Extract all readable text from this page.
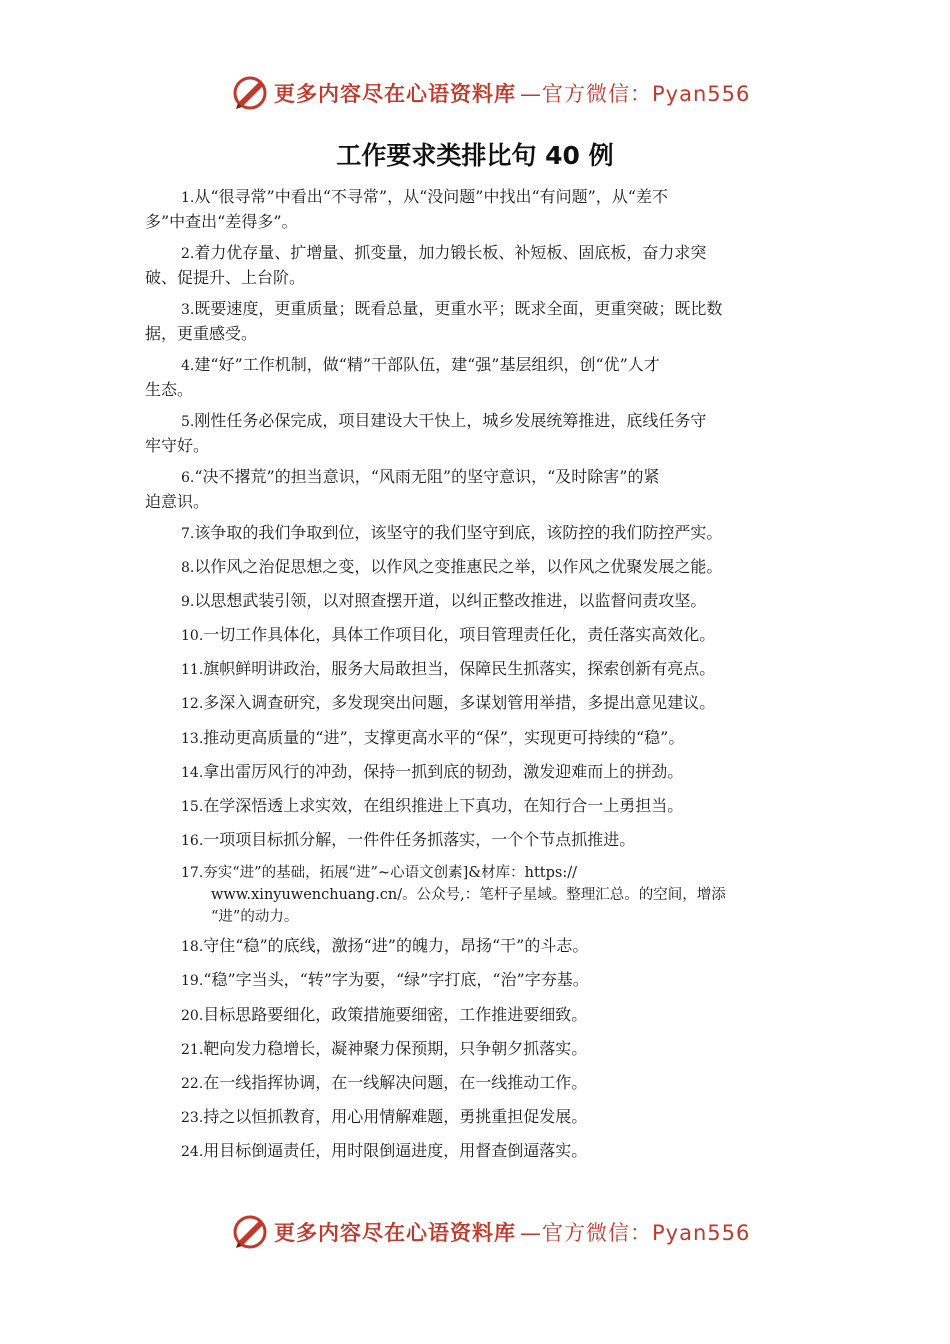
更多内容尽在心语资料库 —官方微信：Pyan556
工作要求类排比句 40 例
1.从“很寻常”中看出“不寻常”，从“没问题”中找出“有问题”，从“差不
多”中查出“差得多”。
2.着力优存量、扩增量、抓变量，加力锻长板、补短板、固底板，奋力求突
破、促提升、上台阶。
3.既要速度，更重质量；既看总量，更重水平；既求全面，更重突破；既比数
据，更重感受。
4.建“好”工作机制，做“精”干部队伍，建“强”基层组织，创“优”人才
生态。
5.刚性任务必保完成，项目建设大干快上，城乡发展统筹推进，底线任务守
牢守好。
6.“决不撂荒”的担当意识，“风雨无阻”的坚守意识，“及时除害”的紧
迫意识。
7.该争取的我们争取到位，该坚守的我们坚守到底，该防控的我们防控严实。
8.以作风之治促思想之变，以作风之变推惠民之举，以作风之优聚发展之能。
9.以思想武装引领，以对照查摆开道，以纠正整改推进，以监督问责攻坚。
10.一切工作具体化，具体工作项目化，项目管理责任化，责任落实高效化。
11.旗帜鲜明讲政治，服务大局敢担当，保障民生抓落实，探索创新有亮点。
12.多深入调查研究，多发现突出问题，多谋划管用举措，多提出意见建议。
13.推动更高质量的“进”，支撑更高水平的“保”，实现更可持续的“稳”。
14.拿出雷厉风行的冲劲，保持一抓到底的韧劲，激发迎难而上的拼劲。
15.在学深悟透上求实效，在组织推进上下真功，在知行合一上勇担当。
16.一项项目标抓分解，一件件任务抓落实，一个个节点抓推进。
17.夯实“进”的基础，拓展“进”~心语文创素]&材库：https://
www.xinyuwenchuang.cn/。公众号,：笔杆子星域。整理汇总。的空间，增添
“进”的动力。
18.守住“稳”的底线，激扬“进”的魄力，昂扬“干”的斗志。
19.“稳”字当头，“转”字为要，“绿”字打底，“治”字夯基。
20.目标思路要细化，政策措施要细密，工作推进要细致。
21.靶向发力稳增长，凝神聚力保预期，只争朝夕抓落实。
22.在一线指挥协调，在一线解决问题，在一线推动工作。
23.持之以恒抓教育，用心用情解难题，勇挑重担促发展。
24.用目标倒逼责任，用时限倒逼进度，用督查倒逼落实。
更多内容尽在心语资料库 —官方微信：Pyan556
